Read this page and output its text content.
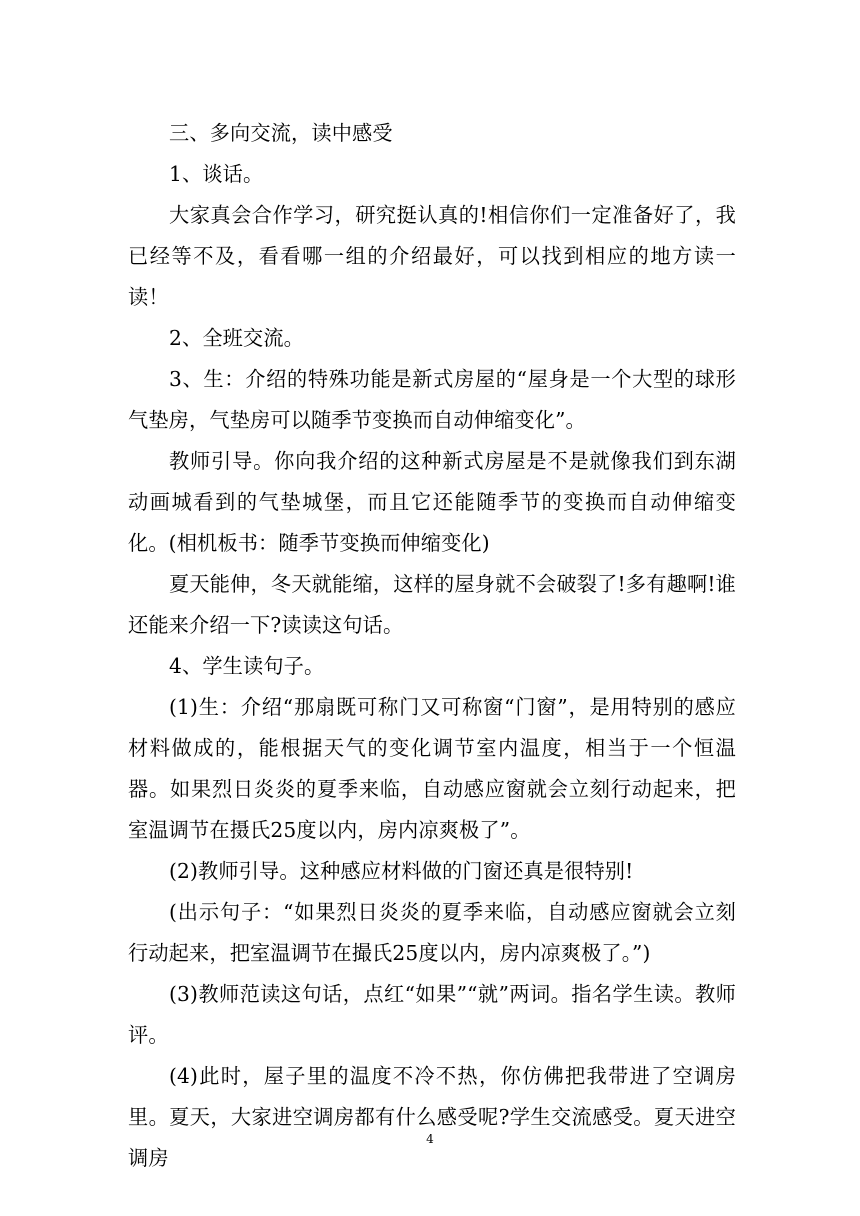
三、多向交流，读中感受

1、谈话。

大家真会合作学习，研究挺认真的!相信你们一定准备好了，我已经等不及，看看哪一组的介绍最好，可以找到相应的地方读一读！

2、全班交流。

3、生：介绍的特殊功能是新式房屋的“屋身是一个大型的球形气垫房，气垫房可以随季节变换而自动伸缩变化”。

教师引导。你向我介绍的这种新式房屋是不是就像我们到东湖动画城看到的气垫城堡，而且它还能随季节的变换而自动伸缩变化。(相机板书：随季节变换而伸缩变化)

夏天能伸，冬天就能缩，这样的屋身就不会破裂了!多有趣啊!谁还能来介绍一下?读读这句话。

4、学生读句子。

(1)生：介绍“那扇既可称门又可称窗“门窗”，是用特别的感应材料做成的，能根据天气的变化调节室内温度，相当于一个恒温器。如果烈日炎炎的夏季来临，自动感应窗就会立刻行动起来，把室温调节在摄氏25度以内，房内凉爽极了”。

(2)教师引导。这种感应材料做的门窗还真是很特别!

(出示句子：“如果烈日炎炎的夏季来临，自动感应窗就会立刻行动起来，把室温调节在撮氏25度以内，房内凉爽极了。”)

(3)教师范读这句话，点红“如果”“就”两词。指名学生读。教师评。

(4)此时，屋子里的温度不冷不热，你仿佛把我带进了空调房里。夏天，大家进空调房都有什么感受呢?学生交流感受。夏天进空调房

4
